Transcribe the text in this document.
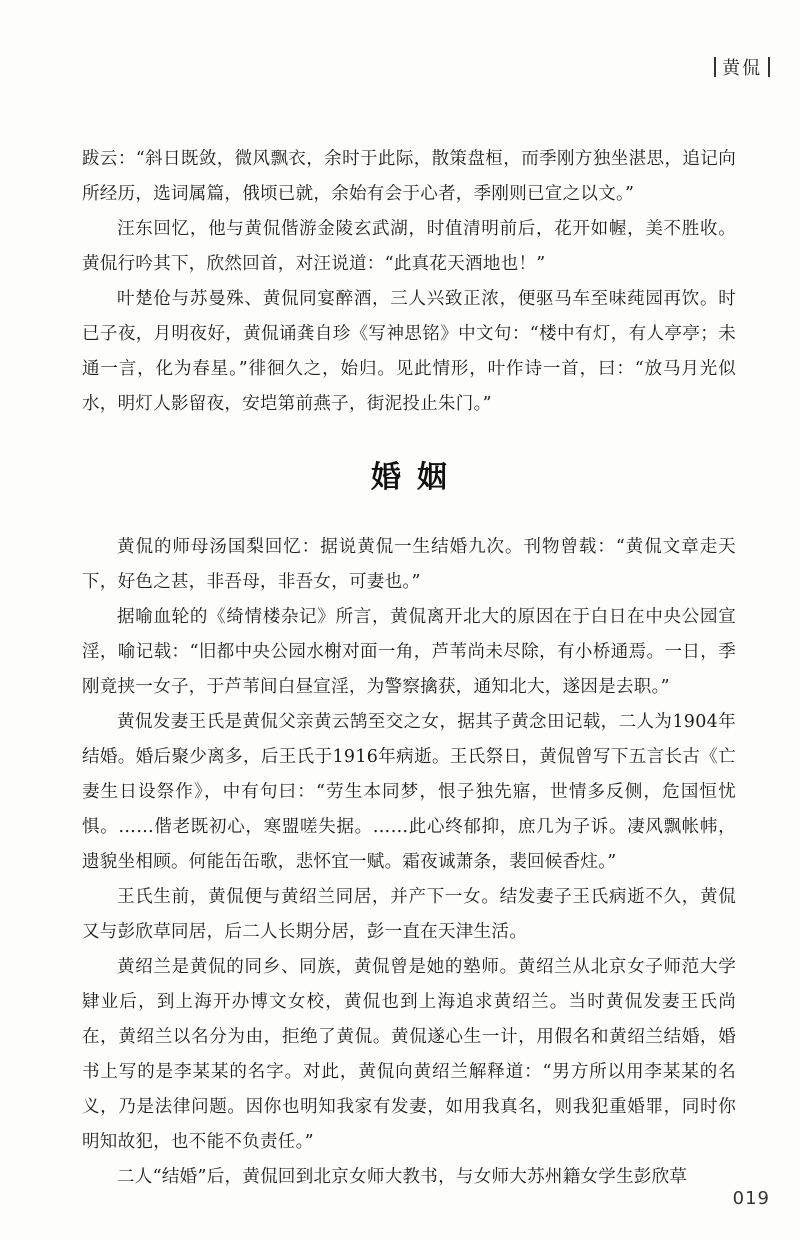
黄侃

跋云：“斜日既敛，微风飘衣，余时于此际，散策盘桓，而季刚方独坐湛思，追记向所经历，选词属篇，俄顷已就，余始有会于心者，季刚则已宣之以文。”

汪东回忆，他与黄侃偕游金陵玄武湖，时值清明前后，花开如幄，美不胜收。黄侃行吟其下，欣然回首，对汪说道：“此真花天酒地也！”

叶楚伧与苏曼殊、黄侃同宴醉酒，三人兴致正浓，便驱马车至味莼园再饮。时已子夜，月明夜好，黄侃诵龚自珍《写神思铭》中文句：“楼中有灯，有人亭亭；未通一言，化为春星。”徘徊久之，始归。见此情形，叶作诗一首，曰：“放马月光似水，明灯人影留夜，安垲第前燕子，街泥投止朱门。”

婚姻

黄侃的师母汤国梨回忆：据说黄侃一生结婚九次。刊物曾载：“黄侃文章走天下，好色之甚，非吾母，非吾女，可妻也。”

据喻血轮的《绮情楼杂记》所言，黄侃离开北大的原因在于白日在中央公园宣淫，喻记载：“旧都中央公园水榭对面一角，芦苇尚未尽除，有小桥通焉。一日，季刚竟挟一女子，于芦苇间白昼宣淫，为警察擒获，通知北大，遂因是去职。”

黄侃发妻王氏是黄侃父亲黄云鹄至交之女，据其子黄念田记载，二人为1904年结婚。婚后聚少离多，后王氏于1916年病逝。王氏祭日，黄侃曾写下五言长古《亡妻生日设祭作》，中有句曰：“劳生本同梦，恨子独先寤，世情多反侧，危国恒忧惧。……偕老既初心，寒盟嗟失据。……此心终郁抑，庶几为子诉。凄风飘帐帏，遗貌坐相顾。何能缶缶歌，悲怀宜一赋。霜夜诚萧条，裴回候香炷。”

王氏生前，黄侃便与黄绍兰同居，并产下一女。结发妻子王氏病逝不久，黄侃又与彭欣草同居，后二人长期分居，彭一直在天津生活。

黄绍兰是黄侃的同乡、同族，黄侃曾是她的塾师。黄绍兰从北京女子师范大学肄业后，到上海开办博文女校，黄侃也到上海追求黄绍兰。当时黄侃发妻王氏尚在，黄绍兰以名分为由，拒绝了黄侃。黄侃遂心生一计，用假名和黄绍兰结婚，婚书上写的是李某某的名字。对此，黄侃向黄绍兰解释道：“男方所以用李某某的名义，乃是法律问题。因你也明知我家有发妻，如用我真名，则我犯重婚罪，同时你明知故犯，也不能不负责任。”

二人“结婚”后，黄侃回到北京女师大教书，与女师大苏州籍女学生彭欣草

019
